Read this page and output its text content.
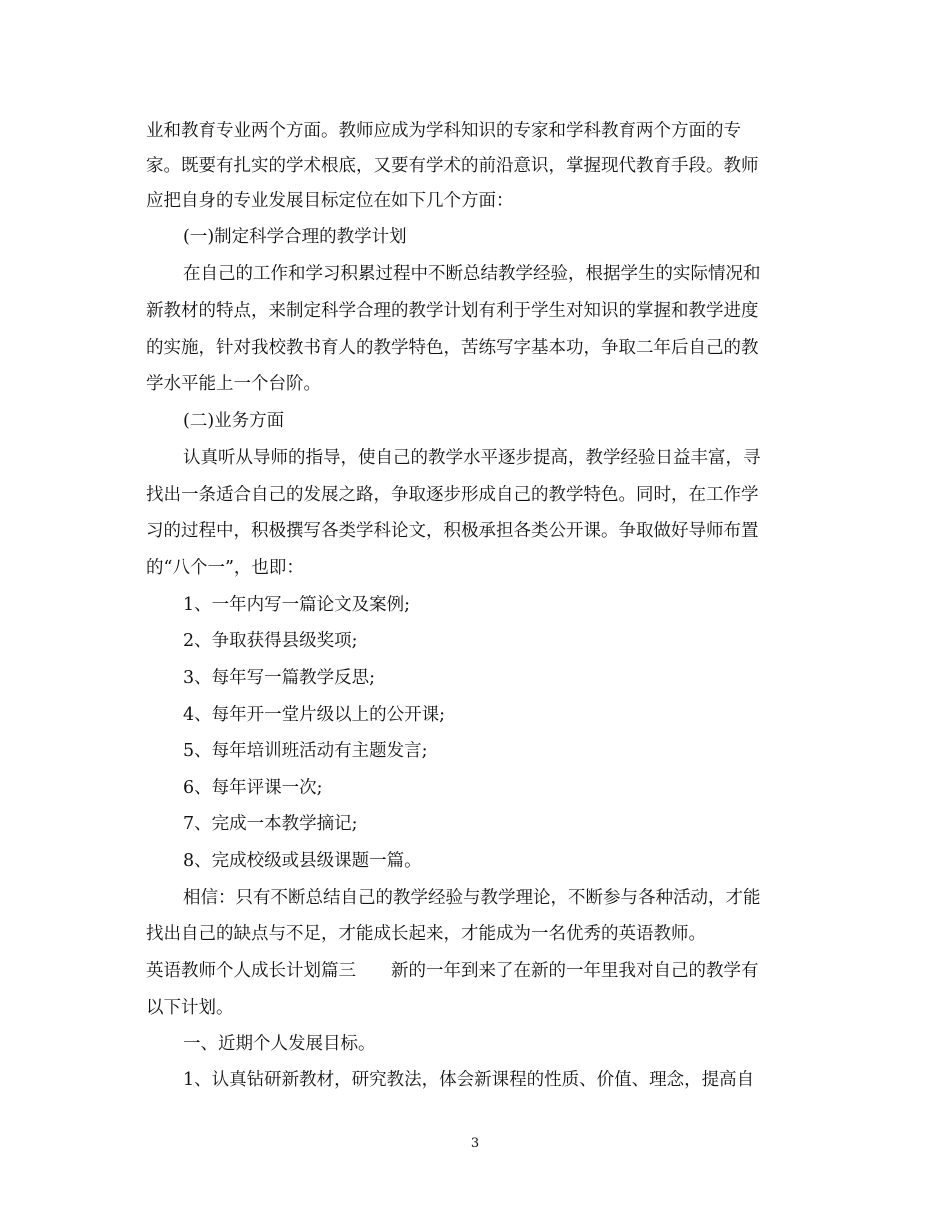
业和教育专业两个方面。教师应成为学科知识的专家和学科教育两个方面的专
家。既要有扎实的学术根底，又要有学术的前沿意识，掌握现代教育手段。教师
应把自身的专业发展目标定位在如下几个方面：
(一)制定科学合理的教学计划
在自己的工作和学习积累过程中不断总结教学经验，根据学生的实际情况和
新教材的特点，来制定科学合理的教学计划有利于学生对知识的掌握和教学进度
的实施，针对我校教书育人的教学特色，苦练写字基本功，争取二年后自己的教
学水平能上一个台阶。
(二)业务方面
认真听从导师的指导，使自己的教学水平逐步提高，教学经验日益丰富，寻
找出一条适合自己的发展之路，争取逐步形成自己的教学特色。同时，在工作学
习的过程中，积极撰写各类学科论文，积极承担各类公开课。争取做好导师布置
的“八个一”，也即：
1、一年内写一篇论文及案例;
2、争取获得县级奖项;
3、每年写一篇教学反思;
4、每年开一堂片级以上的公开课;
5、每年培训班活动有主题发言;
6、每年评课一次;
7、完成一本教学摘记;
8、完成校级或县级课题一篇。
相信：只有不断总结自己的教学经验与教学理论，不断参与各种活动，才能
找出自己的缺点与不足，才能成长起来，才能成为一名优秀的英语教师。
英语教师个人成长计划篇三　　新的一年到来了在新的一年里我对自己的教学有
以下计划。
一、近期个人发展目标。
1、认真钻研新教材，研究教法，体会新课程的性质、价值、理念，提高自
3
